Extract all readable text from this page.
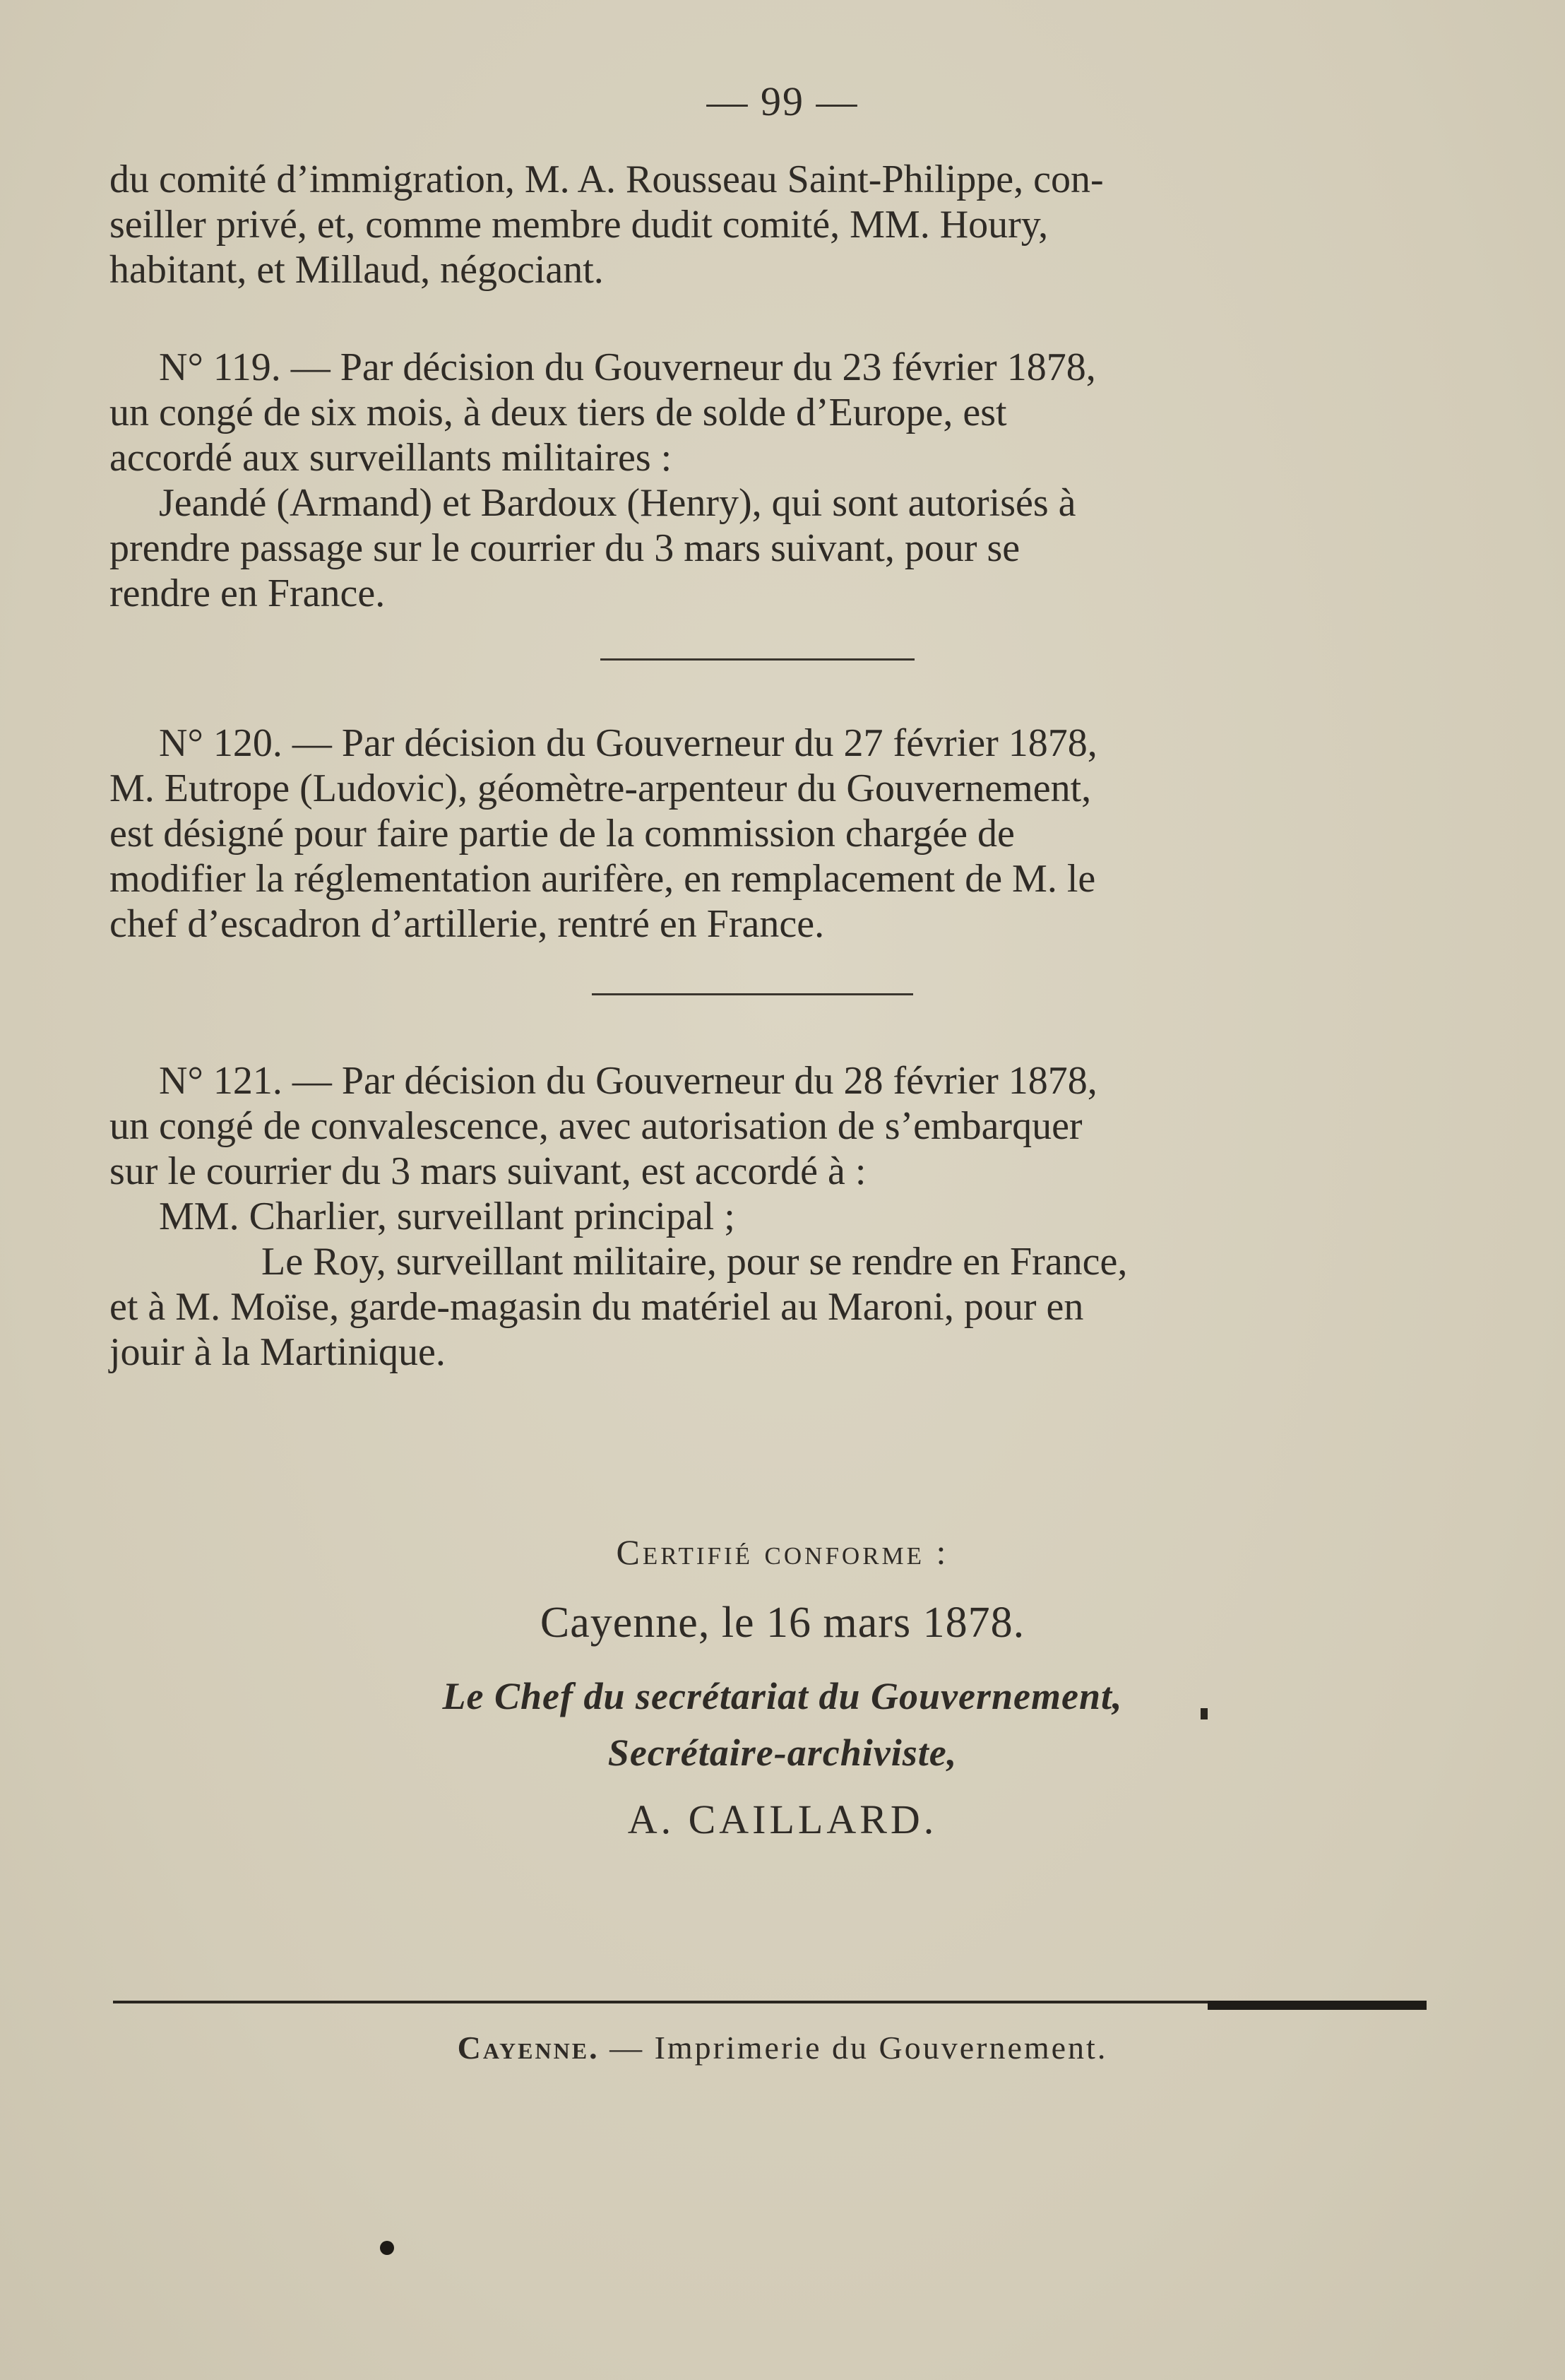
— 99 —

du comité d’immigration, M. A. Rousseau Saint-Philippe, con-

seiller privé, et, comme membre dudit comité, MM. Houry,

habitant, et Millaud, négociant.

N° 119. — Par décision du Gouverneur du 23 février 1878,

un congé de six mois, à deux tiers de solde d’Europe, est

accordé aux surveillants militaires :

Jeandé (Armand) et Bardoux (Henry), qui sont autorisés à

prendre passage sur le courrier du 3 mars suivant, pour se

rendre en France.

N° 120. — Par décision du Gouverneur du 27 février 1878,

M. Eutrope (Ludovic), géomètre-arpenteur du Gouvernement,

est désigné pour faire partie de la commission chargée de

modifier la réglementation aurifère, en remplacement de M. le

chef d’escadron d’artillerie, rentré en France.

N° 121. — Par décision du Gouverneur du 28 février 1878,

un congé de convalescence, avec autorisation de s’embarquer

sur le courrier du 3 mars suivant, est accordé à :

MM. Charlier, surveillant principal ;

Le Roy, surveillant militaire, pour se rendre en France,

et à M. Moïse, garde-magasin du matériel au Maroni, pour en

jouir à la Martinique.

Certifié conforme :
Cayenne, le 16 mars 1878.
Le Chef du secrétariat du Gouvernement,
Secrétaire-archiviste,
A. CAILLARD.
Cayenne. — Imprimerie du Gouvernement.
